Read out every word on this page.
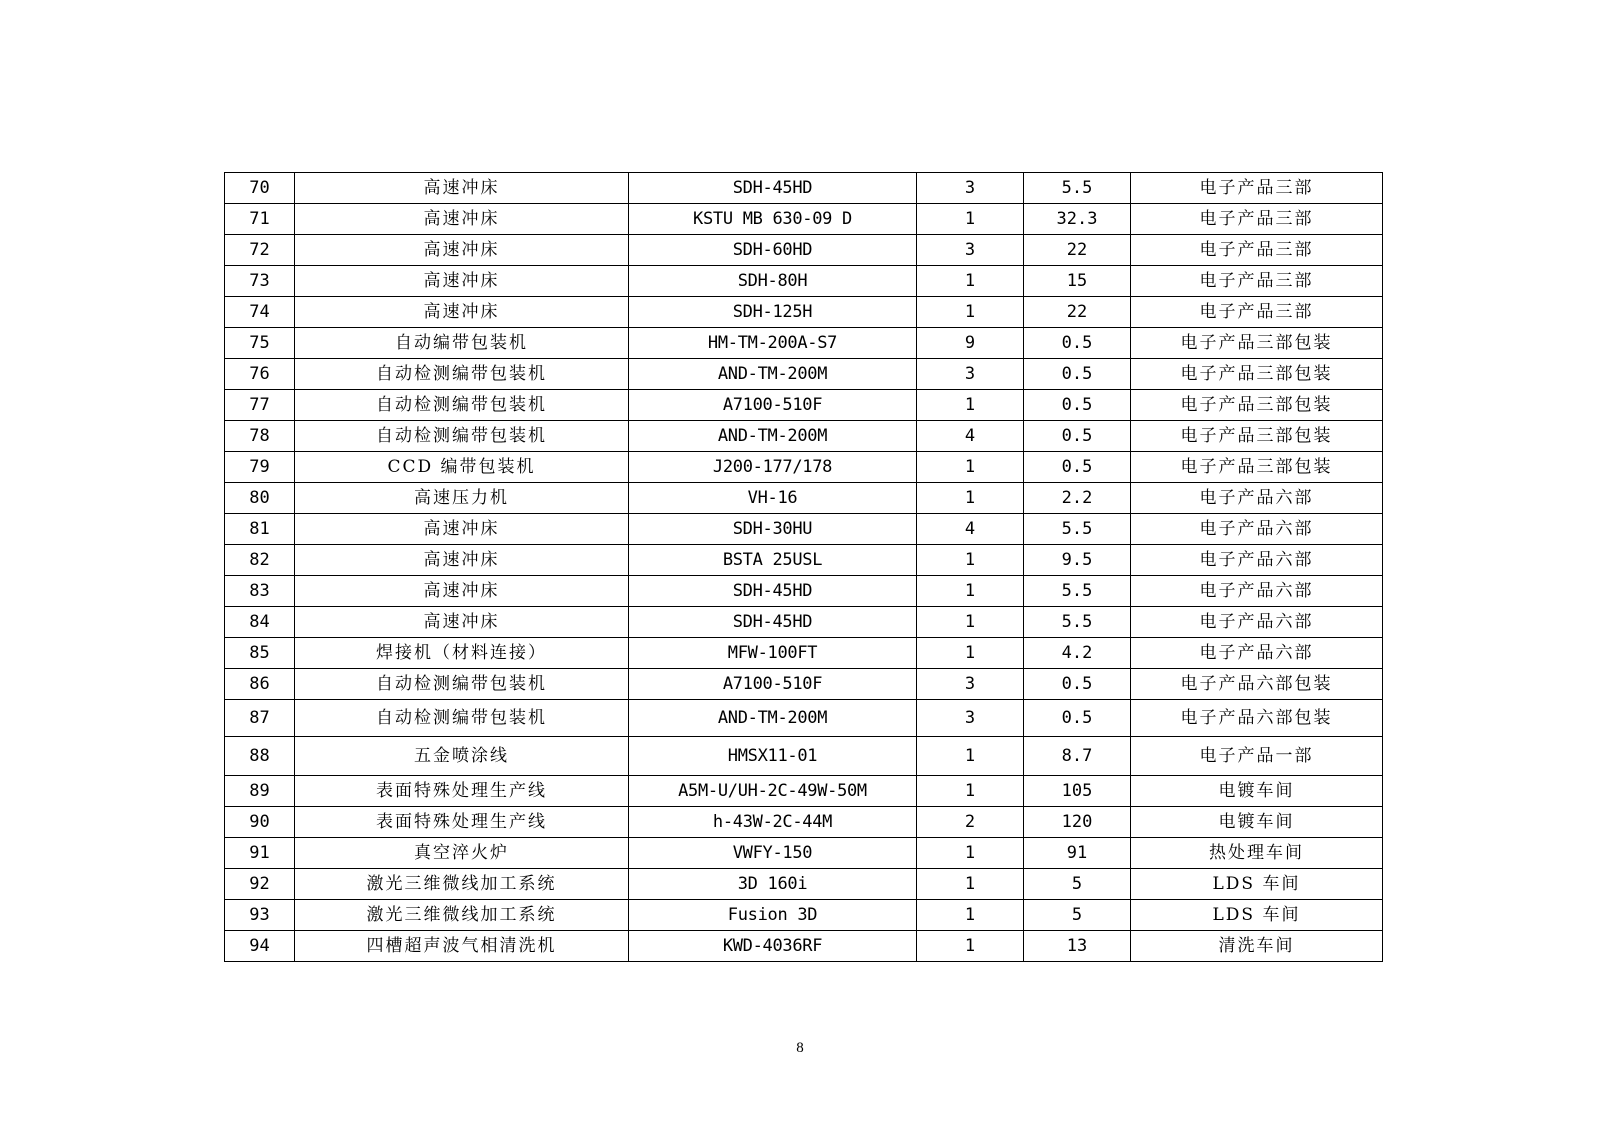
70	高速冲床	SDH-45HD	3	5.5	电子产品三部
71	高速冲床	KSTU MB 630-09 D	1	32.3	电子产品三部
72	高速冲床	SDH-60HD	3	22	电子产品三部
73	高速冲床	SDH-80H	1	15	电子产品三部
74	高速冲床	SDH-125H	1	22	电子产品三部
75	自动编带包装机	HM-TM-200A-S7	9	0.5	电子产品三部包装
76	自动检测编带包装机	AND-TM-200M	3	0.5	电子产品三部包装
77	自动检测编带包装机	A7100-510F	1	0.5	电子产品三部包装
78	自动检测编带包装机	AND-TM-200M	4	0.5	电子产品三部包装
79	CCD 编带包装机	J200-177/178	1	0.5	电子产品三部包装
80	高速压力机	VH-16	1	2.2	电子产品六部
81	高速冲床	SDH-30HU	4	5.5	电子产品六部
82	高速冲床	BSTA 25USL	1	9.5	电子产品六部
83	高速冲床	SDH-45HD	1	5.5	电子产品六部
84	高速冲床	SDH-45HD	1	5.5	电子产品六部
85	焊接机（材料连接）	MFW-100FT	1	4.2	电子产品六部
86	自动检测编带包装机	A7100-510F	3	0.5	电子产品六部包装
87	自动检测编带包装机	AND-TM-200M	3	0.5	电子产品六部包装
88	五金喷涂线	HMSX11-01	1	8.7	电子产品一部
89	表面特殊处理生产线	A5M-U/UH-2C-49W-50M	1	105	电镀车间
90	表面特殊处理生产线	h-43W-2C-44M	2	120	电镀车间
91	真空淬火炉	VWFY-150	1	91	热处理车间
92	激光三维微线加工系统	3D 160i	1	5	LDS 车间
93	激光三维微线加工系统	Fusion 3D	1	5	LDS 车间
94	四槽超声波气相清洗机	KWD-4036RF	1	13	清洗车间
8
